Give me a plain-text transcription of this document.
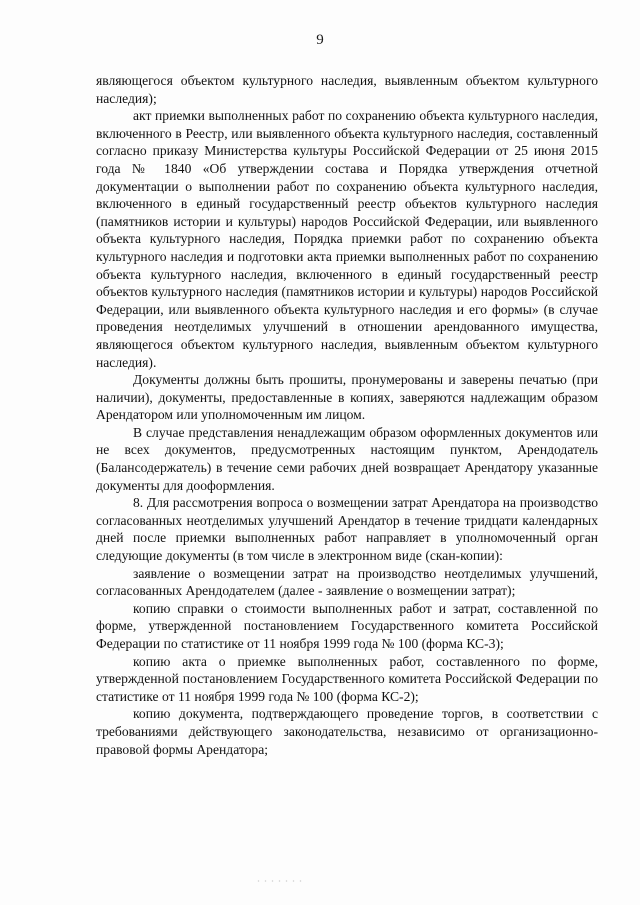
9

являющегося объектом культурного наследия, выявленным объектом культурного наследия);

акт приемки выполненных работ по сохранению объекта культурного наследия, включенного в Реестр, или выявленного объекта культурного наследия, составленный согласно приказу Министерства культуры Российской Федерации от 25 июня 2015 года № 1840 «Об утверждении состава и Порядка утверждения отчетной документации о выполнении работ по сохранению объекта культурного наследия, включенного в единый государственный реестр объектов культурного наследия (памятников истории и культуры) народов Российской Федерации, или выявленного объекта культурного наследия, Порядка приемки работ по сохранению объекта культурного наследия и подготовки акта приемки выполненных работ по сохранению объекта культурного наследия, включенного в единый государственный реестр объектов культурного наследия (памятников истории и культуры) народов Российской Федерации, или выявленного объекта культурного наследия и его формы» (в случае проведения неотделимых улучшений в отношении арендованного имущества, являющегося объектом культурного наследия, выявленным объектом культурного наследия).

Документы должны быть прошиты, пронумерованы и заверены печатью (при наличии), документы, предоставленные в копиях, заверяются надлежащим образом Арендатором или уполномоченным им лицом.

В случае представления ненадлежащим образом оформленных документов или не всех документов, предусмотренных настоящим пунктом, Арендодатель (Балансодержатель) в течение семи рабочих дней возвращает Арендатору указанные документы для дооформления.

8. Для рассмотрения вопроса о возмещении затрат Арендатора на производство согласованных неотделимых улучшений Арендатор в течение тридцати календарных дней после приемки выполненных работ направляет в уполномоченный орган следующие документы (в том числе в электронном виде (скан-копии):

заявление о возмещении затрат на производство неотделимых улучшений, согласованных Арендодателем (далее - заявление о возмещении затрат);

копию справки о стоимости выполненных работ и затрат, составленной по форме, утвержденной постановлением Государственного комитета Российской Федерации по статистике от 11 ноября 1999 года № 100 (форма КС-3);

копию акта о приемке выполненных работ, составленного по форме, утвержденной постановлением Государственного комитета Российской Федерации по статистике от 11 ноября 1999 года № 100 (форма КС-2);

копию документа, подтверждающего проведение торгов, в соответствии с требованиями действующего законодательства, независимо от организационно-правовой формы Арендатора;
